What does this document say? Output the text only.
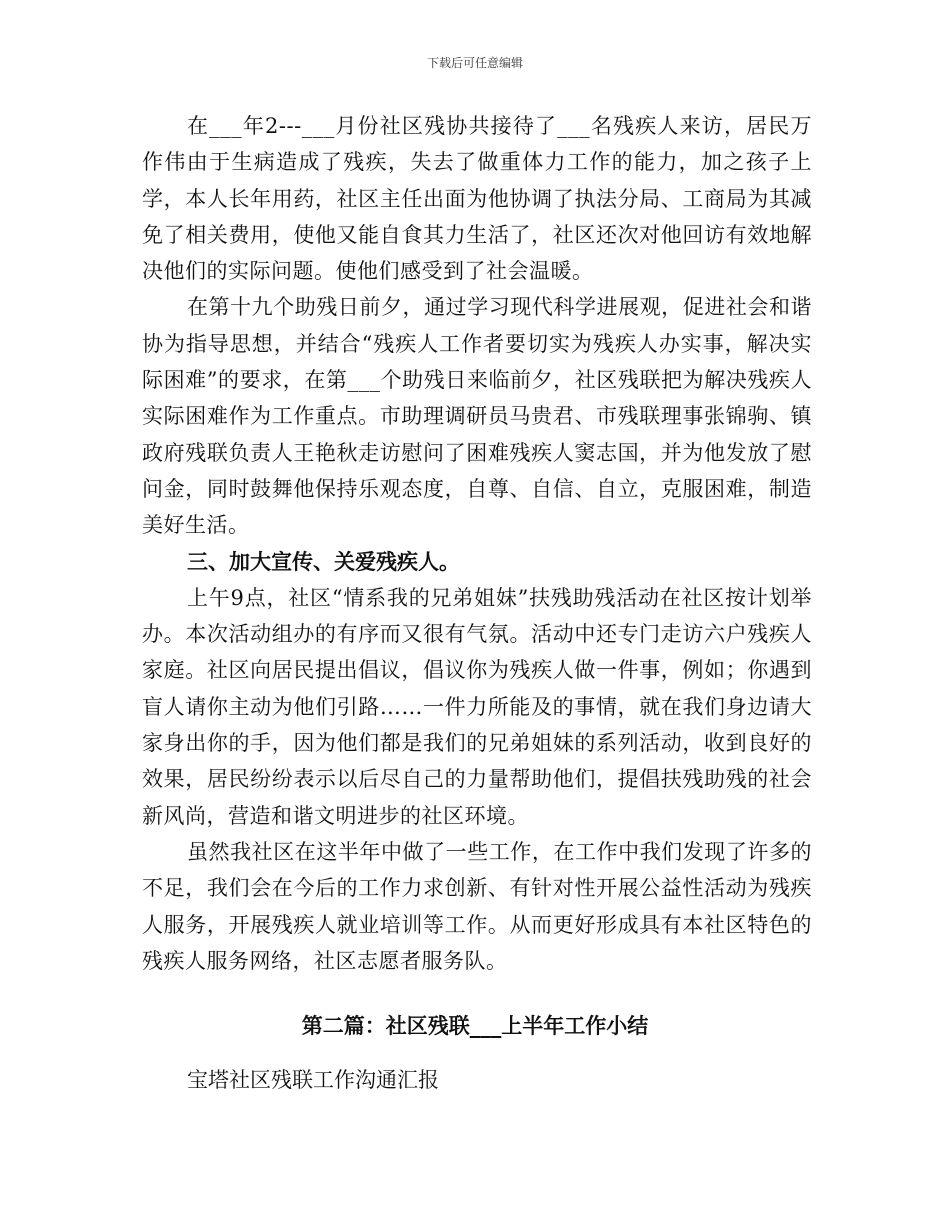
下载后可任意编辑

在___年2---___月份社区残协共接待了___名残疾人来访，居民万作伟由于生病造成了残疾，失去了做重体力工作的能力，加之孩子上学，本人长年用药，社区主任出面为他协调了执法分局、工商局为其减免了相关费用，使他又能自食其力生活了，社区还次对他回访有效地解决他们的实际问题。使他们感受到了社会温暖。

在第十九个助残日前夕，通过学习现代科学进展观，促进社会和谐协为指导思想，并结合“残疾人工作者要切实为残疾人办实事，解决实际困难”的要求，在第___个助残日来临前夕，社区残联把为解决残疾人实际困难作为工作重点。市助理调研员马贵君、市残联理事张锦驹、镇政府残联负责人王艳秋走访慰问了困难残疾人窦志国，并为他发放了慰问金，同时鼓舞他保持乐观态度，自尊、自信、自立，克服困难，制造美好生活。

三、加大宣传、关爱残疾人。

上午9点，社区“情系我的兄弟姐妹”扶残助残活动在社区按计划举办。本次活动组办的有序而又很有气氛。活动中还专门走访六户残疾人家庭。社区向居民提出倡议，倡议你为残疾人做一件事，例如；你遇到盲人请你主动为他们引路……一件力所能及的事情，就在我们身边请大家身出你的手，因为他们都是我们的兄弟姐妹的系列活动，收到良好的效果，居民纷纷表示以后尽自己的力量帮助他们，提倡扶残助残的社会新风尚，营造和谐文明进步的社区环境。

虽然我社区在这半年中做了一些工作，在工作中我们发现了许多的不足，我们会在今后的工作力求创新、有针对性开展公益性活动为残疾人服务，开展残疾人就业培训等工作。从而更好形成具有本社区特色的残疾人服务网络，社区志愿者服务队。

第二篇：社区残联___上半年工作小结
宝塔社区残联工作沟通汇报
